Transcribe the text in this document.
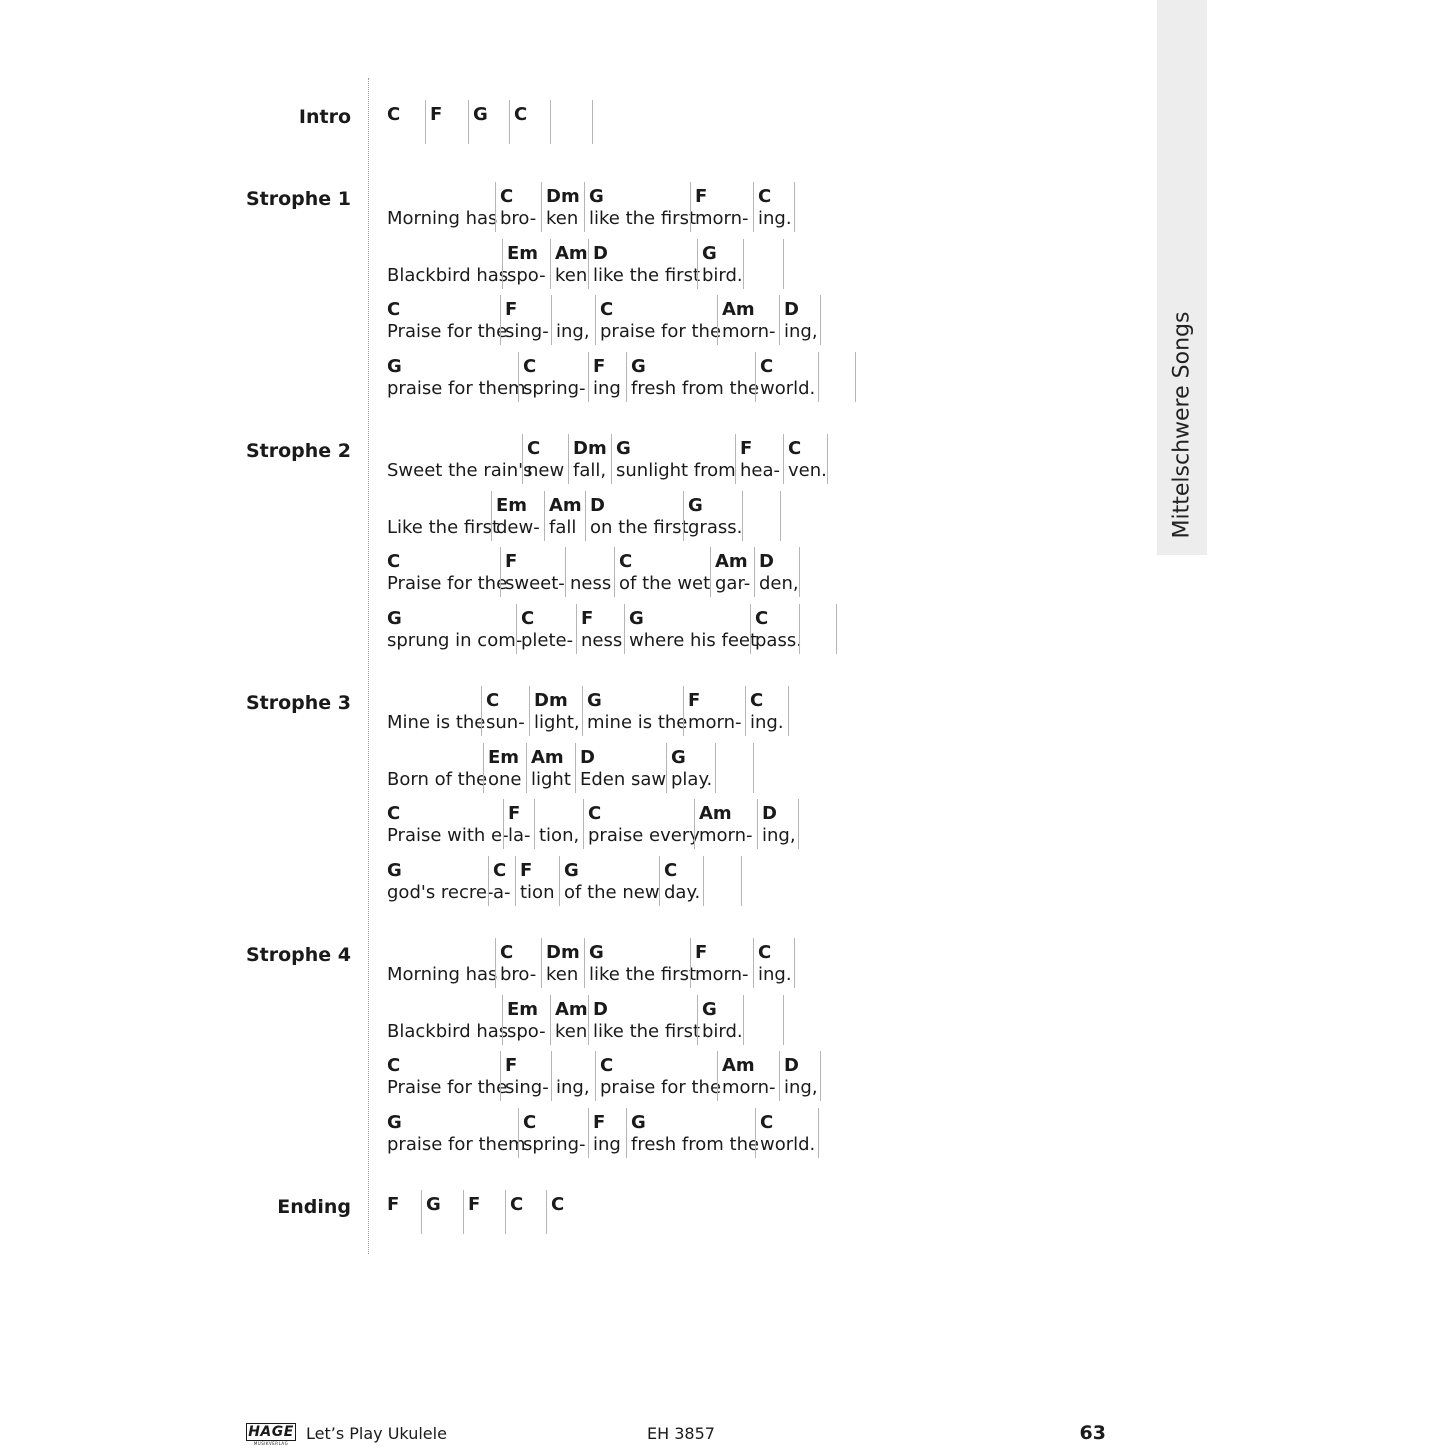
Intro C F G C
Strophe 1
Morning has
C
bro-
Dm
ken
G
like the first
F
morn-
C
ing.
Blackbird has
Em
spo-
Am
ken
D
like the first
G
bird.
C
Praise for the
F
sing- ing,
C
praise for the
Am
morn-
D
ing,
G
praise for them
C
spring-
F
ing
G
fresh from the
C
world.
Strophe 2
Sweet the rain's
C
new
Dm
fall,
G
sunlight from
F
hea-
C
ven.
Like the first
Em
dew-
Am
fall
D
on the first
G
grass.
C
Praise for the
F
sweet- ness
C
of the wet
Am
gar-
D
den,
G
sprung in com-
C
plete-
F
ness
G
where his feet
C
pass.
Strophe 3
Mine is the
C
sun-
Dm
light,
G
mine is the
F
morn-
C
ing.
Born of the
Em
one
Am
light
D
Eden saw
G
play.
C
Praise with e-
F
la- tion,
C
praise every
Am
morn-
D
ing,
G
god's recre-
C
a-
F
tion
G
of the new
C
day.
Strophe 4
Morning has
C
bro-
Dm
ken
G
like the first
F
morn-
C
ing.
Blackbird has
Em
spo-
Am
ken
D
like the first
G
bird.
C
Praise for the
F
sing- ing,
C
praise for the
Am
morn-
D
ing,
G
praise for them
C
spring-
F
ing
G
fresh from the
C
world.
Ending F G F C C
Mittelschwere Songs
HAGE
MUSIKVERLAG
Let’s Play Ukulele	EH 3857	63
